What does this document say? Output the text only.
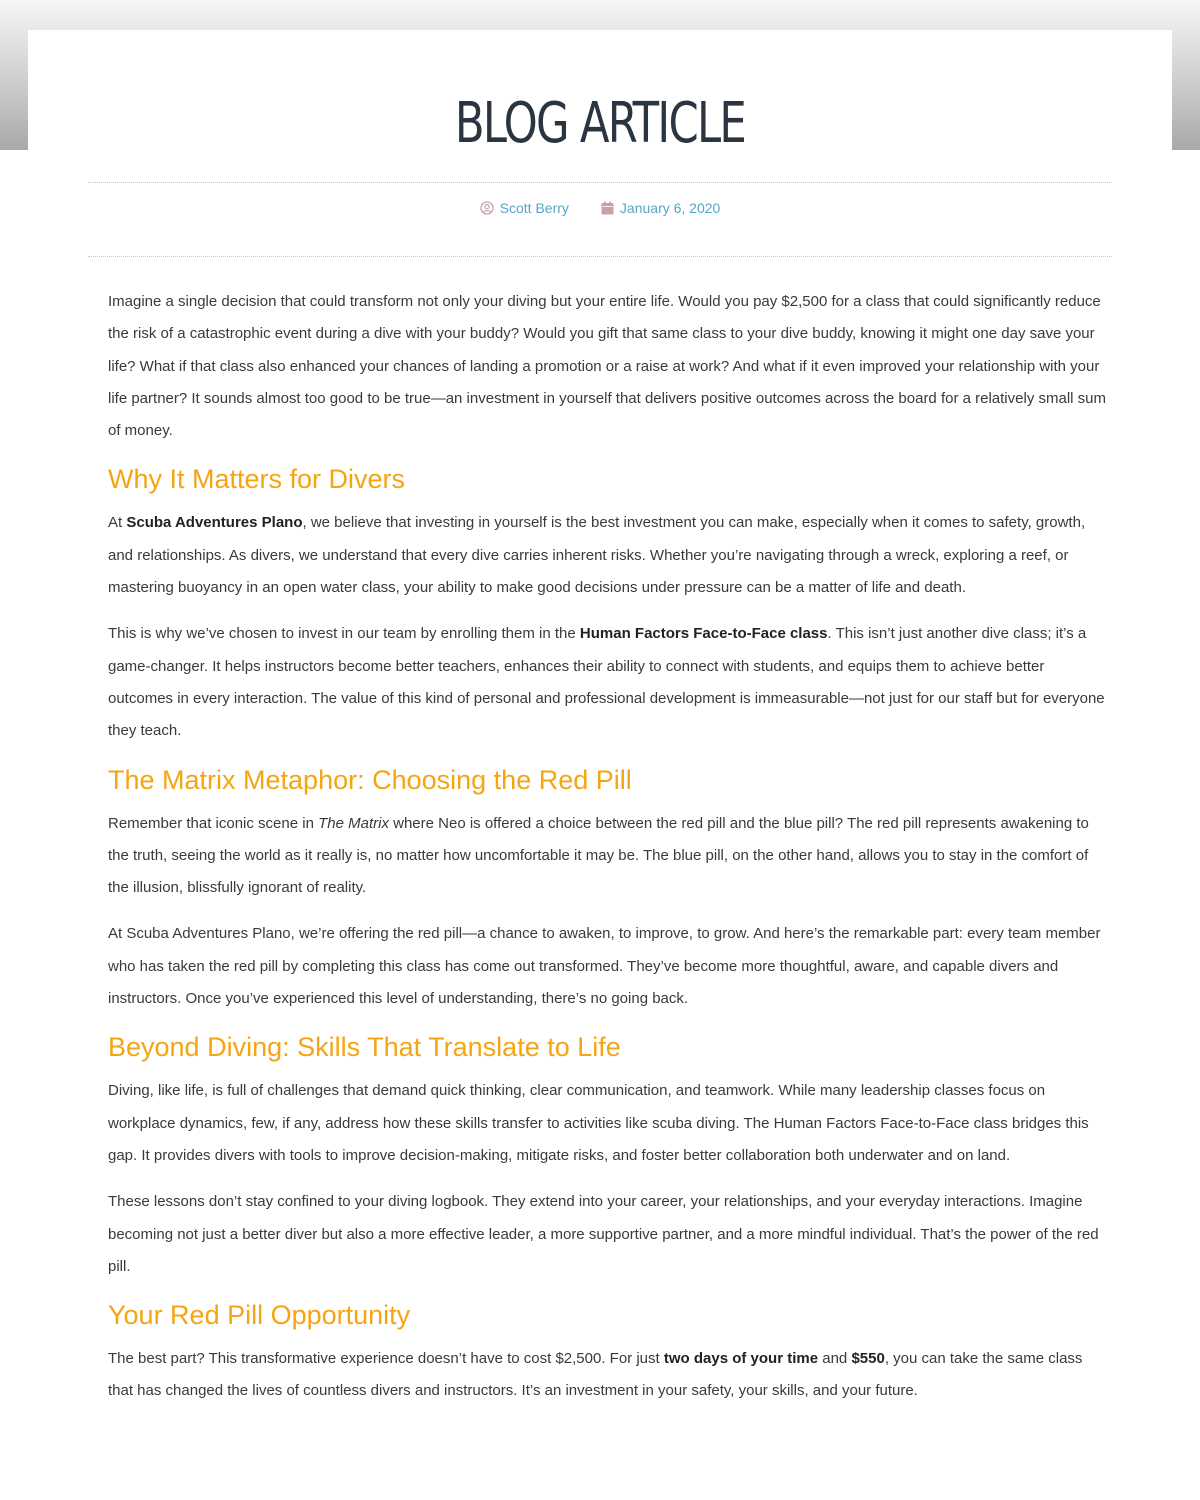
BLOG ARTICLE
Scott Berry	January 6, 2020

Imagine a single decision that could transform not only your diving but your entire life. Would you pay $2,500 for a class that could significantly reduce the risk of a catastrophic event during a dive with your buddy? Would you gift that same class to your dive buddy, knowing it might one day save your life? What if that class also enhanced your chances of landing a promotion or a raise at work? And what if it even improved your relationship with your life partner? It sounds almost too good to be true—an investment in yourself that delivers positive outcomes across the board for a relatively small sum of money.

Why It Matters for Divers

At Scuba Adventures Plano, we believe that investing in yourself is the best investment you can make, especially when it comes to safety, growth, and relationships. As divers, we understand that every dive carries inherent risks. Whether you’re navigating through a wreck, exploring a reef, or mastering buoyancy in an open water class, your ability to make good decisions under pressure can be a matter of life and death.

This is why we’ve chosen to invest in our team by enrolling them in the Human Factors Face-to-Face class. This isn’t just another dive class; it’s a game-changer. It helps instructors become better teachers, enhances their ability to connect with students, and equips them to achieve better outcomes in every interaction. The value of this kind of personal and professional development is immeasurable—not just for our staff but for everyone they teach.

The Matrix Metaphor: Choosing the Red Pill

Remember that iconic scene in The Matrix where Neo is offered a choice between the red pill and the blue pill? The red pill represents awakening to the truth, seeing the world as it really is, no matter how uncomfortable it may be. The blue pill, on the other hand, allows you to stay in the comfort of the illusion, blissfully ignorant of reality.

At Scuba Adventures Plano, we’re offering the red pill—a chance to awaken, to improve, to grow. And here’s the remarkable part: every team member who has taken the red pill by completing this class has come out transformed. They’ve become more thoughtful, aware, and capable divers and instructors. Once you’ve experienced this level of understanding, there’s no going back.

Beyond Diving: Skills That Translate to Life

Diving, like life, is full of challenges that demand quick thinking, clear communication, and teamwork. While many leadership classes focus on workplace dynamics, few, if any, address how these skills transfer to activities like scuba diving. The Human Factors Face-to-Face class bridges this gap. It provides divers with tools to improve decision-making, mitigate risks, and foster better collaboration both underwater and on land.

These lessons don’t stay confined to your diving logbook. They extend into your career, your relationships, and your everyday interactions. Imagine becoming not just a better diver but also a more effective leader, a more supportive partner, and a more mindful individual. That’s the power of the red pill.

Your Red Pill Opportunity

The best part? This transformative experience doesn’t have to cost $2,500. For just two days of your time and $550, you can take the same class that has changed the lives of countless divers and instructors. It’s an investment in your safety, your skills, and your future.
